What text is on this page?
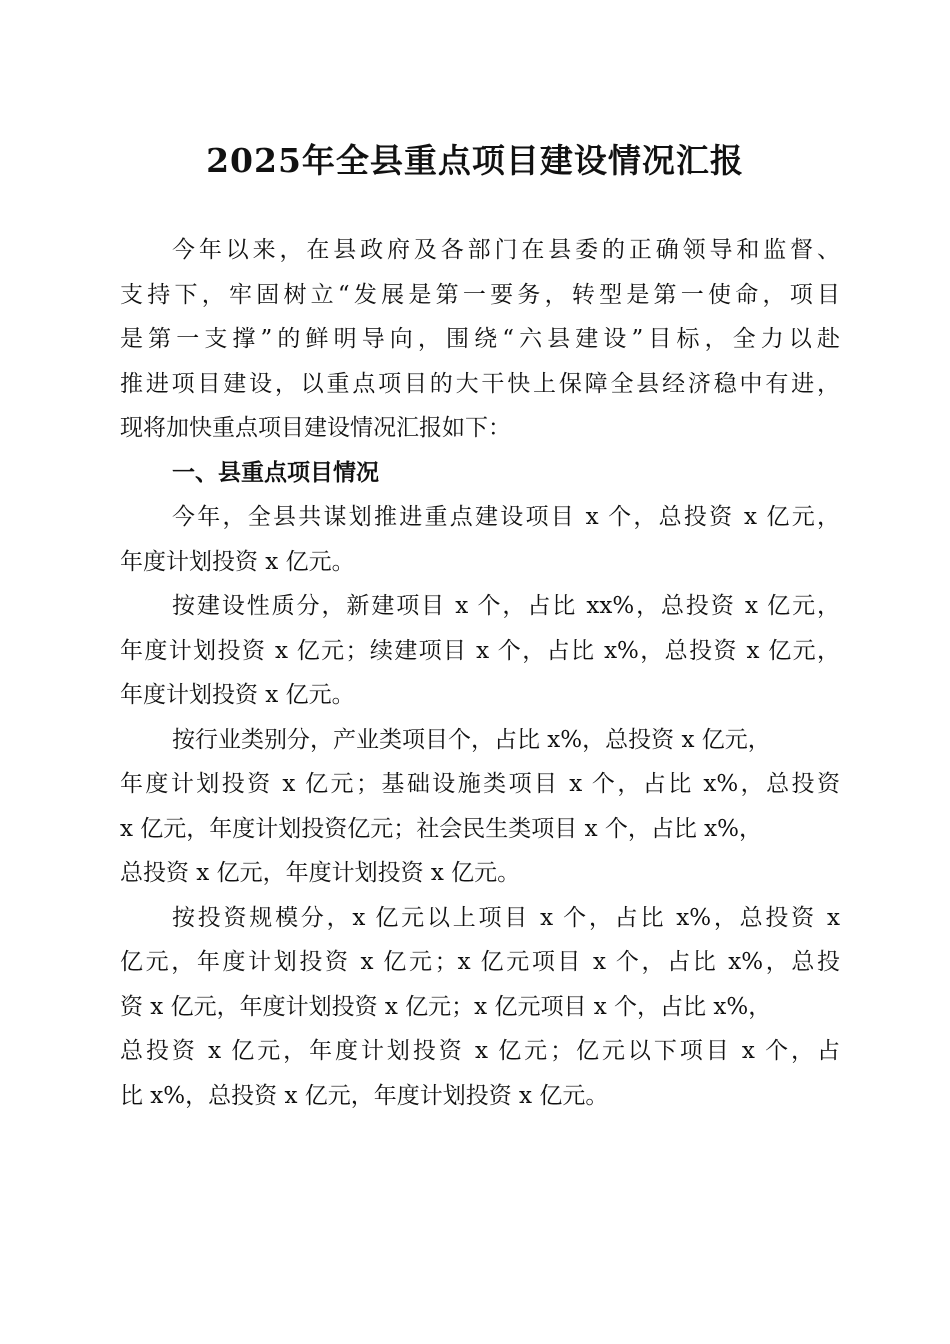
2025年全县重点项目建设情况汇报
今年以来，在县政府及各部门在县委的正确领导和监督、
支持下，牢固树立“发展是第一要务，转型是第一使命，项目
是第一支撑”的鲜明导向，围绕“六县建设”目标，全力以赴
推进项目建设，以重点项目的大干快上保障全县经济稳中有进，
现将加快重点项目建设情况汇报如下：
一、县重点项目情况
今年，全县共谋划推进重点建设项目 x 个，总投资 x 亿元，
年度计划投资 x 亿元。
按建设性质分，新建项目 x 个，占比 xx%，总投资 x 亿元，
年度计划投资 x 亿元；续建项目 x 个，占比 x%，总投资 x 亿元，
年度计划投资 x 亿元。
按行业类别分，产业类项目个，占比 x%，总投资 x 亿元，
年度计划投资 x 亿元；基础设施类项目 x 个，占比 x%，总投资
x 亿元，年度计划投资亿元；社会民生类项目 x 个，占比 x%，
总投资 x 亿元，年度计划投资 x 亿元。
按投资规模分，x 亿元以上项目 x 个，占比 x%，总投资 x
亿元，年度计划投资 x 亿元；x 亿元项目 x 个，占比 x%，总投
资 x 亿元，年度计划投资 x 亿元；x 亿元项目 x 个，占比 x%，
总投资 x 亿元，年度计划投资 x 亿元；亿元以下项目 x 个，占
比 x%，总投资 x 亿元，年度计划投资 x 亿元。
